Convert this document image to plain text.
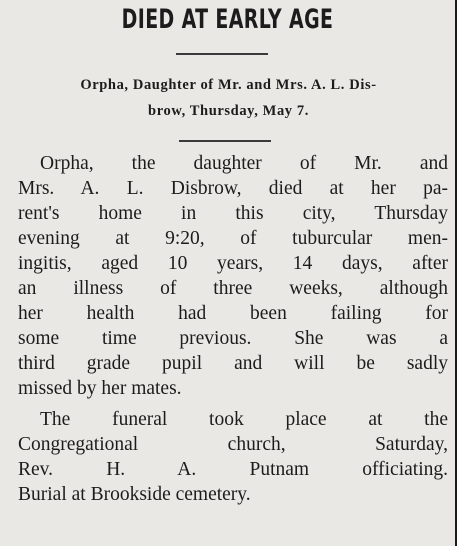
DIED AT EARLY AGE
Orpha, Daughter of Mr. and Mrs. A. L. Dis-
brow, Thursday, May 7.
Orpha, the daughter of Mr. and
Mrs. A. L. Disbrow, died at her pa-
rent's home in this city, Thursday
evening at 9:20, of tuburcular men-
ingitis, aged 10 years, 14 days, after
an illness of three weeks, although
her health had been failing for
some time previous. She was a
third grade pupil and will be sadly
missed by her mates.
The funeral took place at the
Congregational church, Saturday,
Rev. H. A. Putnam officiating.
Burial at Brookside cemetery.
